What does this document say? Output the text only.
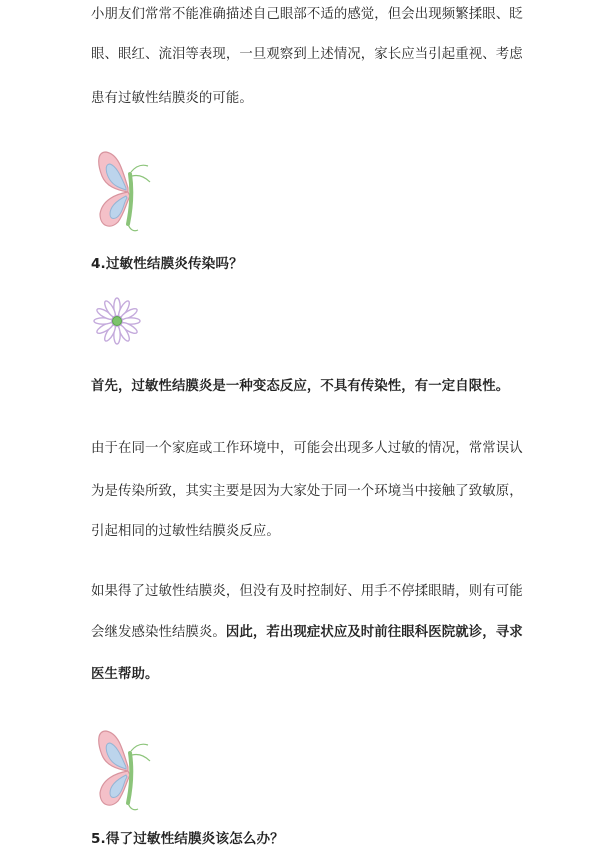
小朋友们常常不能准确描述自己眼部不适的感觉，但会出现频繁揉眼、眨
眼、眼红、流泪等表现，一旦观察到上述情况，家长应当引起重视、考虑
患有过敏性结膜炎的可能。
4.过敏性结膜炎传染吗？
首先，过敏性结膜炎是一种变态反应，不具有传染性，有一定自限性。
由于在同一个家庭或工作环境中，可能会出现多人过敏的情况，常常误认
为是传染所致，其实主要是因为大家处于同一个环境当中接触了致敏原，
引起相同的过敏性结膜炎反应。
如果得了过敏性结膜炎，但没有及时控制好、用手不停揉眼睛，则有可能
会继发感染性结膜炎。因此，若出现症状应及时前往眼科医院就诊，寻求
医生帮助。
5.得了过敏性结膜炎该怎么办？
